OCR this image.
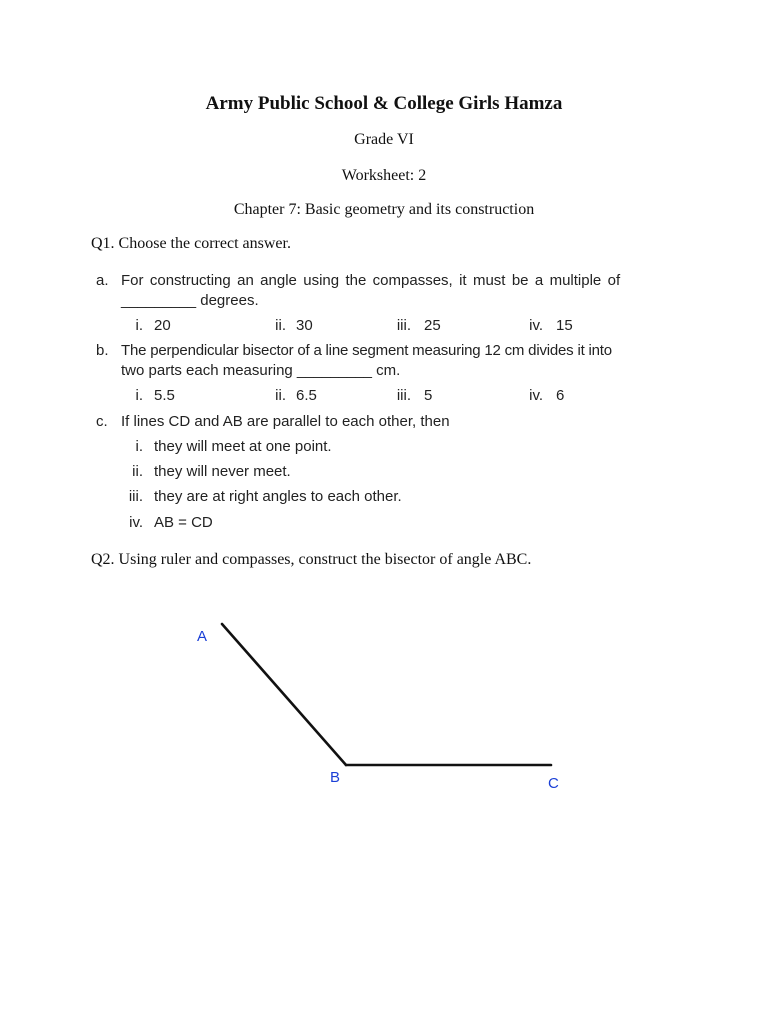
Army Public School & College Girls Hamza
Grade VI
Worksheet: 2
Chapter 7: Basic geometry and its construction
Q1. Choose the correct answer.
a. For constructing an angle using the compasses, it must be a multiple of
_________ degrees.
i. 20	ii. 30	iii. 25	iv. 15
b. The perpendicular bisector of a line segment measuring 12 cm divides it into
two parts each measuring _________ cm.
i. 5.5	ii. 6.5	iii. 5	iv. 6
c. If lines CD and AB are parallel to each other, then
i. they will meet at one point.
ii. they will never meet.
iii. they are at right angles to each other.
iv. AB = CD
Q2. Using ruler and compasses, construct the bisector of angle ABC.
A
B	C
